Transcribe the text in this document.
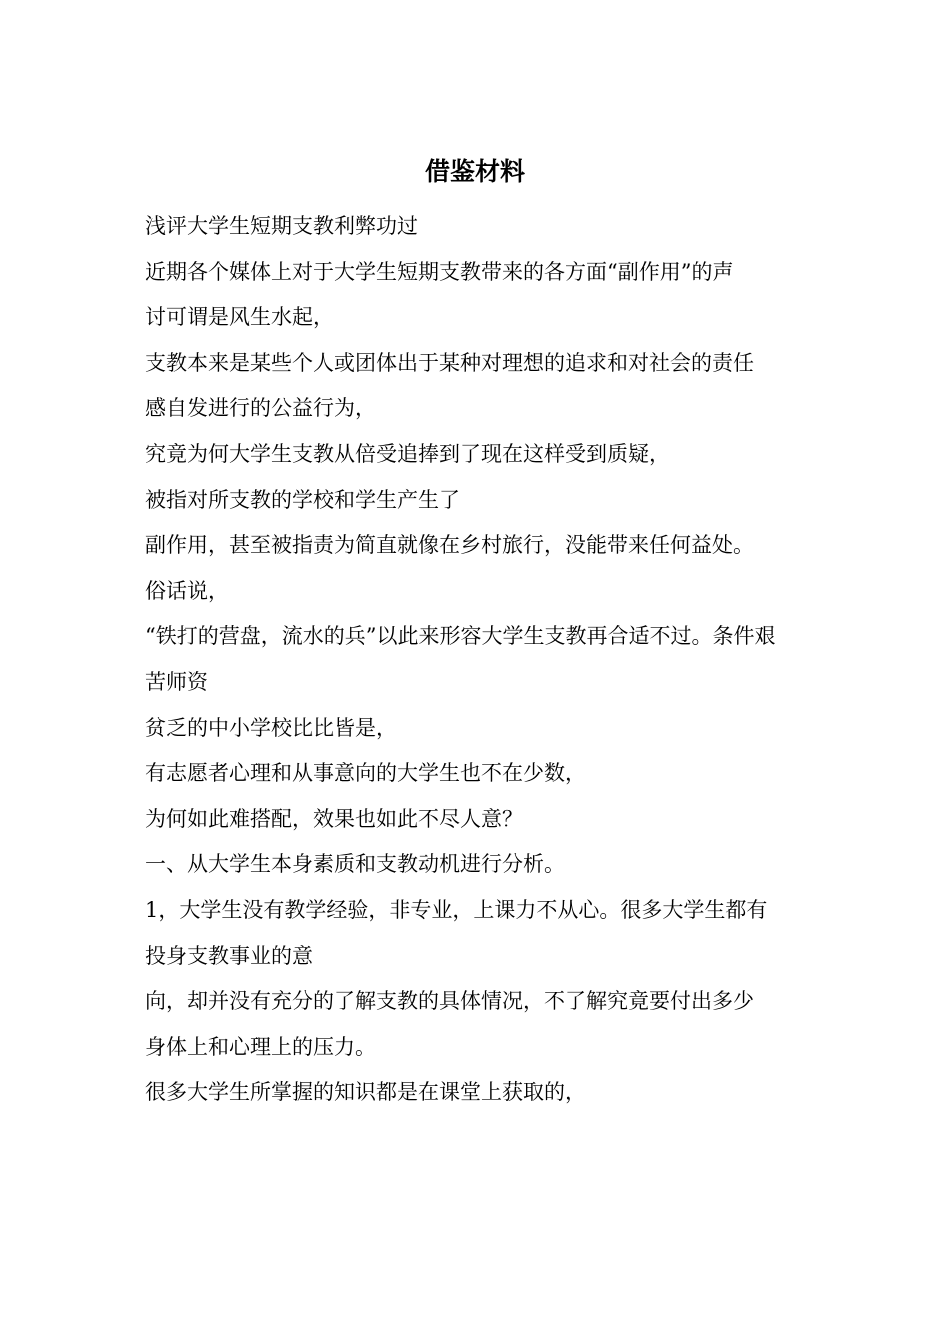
借鉴材料
浅评大学生短期支教利弊功过
近期各个媒体上对于大学生短期支教带来的各方面“副作用”的声
讨可谓是风生水起，
支教本来是某些个人或团体出于某种对理想的追求和对社会的责任
感自发进行的公益行为，
究竟为何大学生支教从倍受追捧到了现在这样受到质疑，
被指对所支教的学校和学生产生了
副作用，甚至被指责为简直就像在乡村旅行，没能带来任何益处。
俗话说，
“铁打的营盘，流水的兵”以此来形容大学生支教再合适不过。条件艰
苦师资
贫乏的中小学校比比皆是，
有志愿者心理和从事意向的大学生也不在少数，
为何如此难搭配，效果也如此不尽人意？
一、从大学生本身素质和支教动机进行分析。
1，大学生没有教学经验，非专业，上课力不从心。很多大学生都有
投身支教事业的意
向，却并没有充分的了解支教的具体情况，不了解究竟要付出多少
身体上和心理上的压力。
很多大学生所掌握的知识都是在课堂上获取的，
